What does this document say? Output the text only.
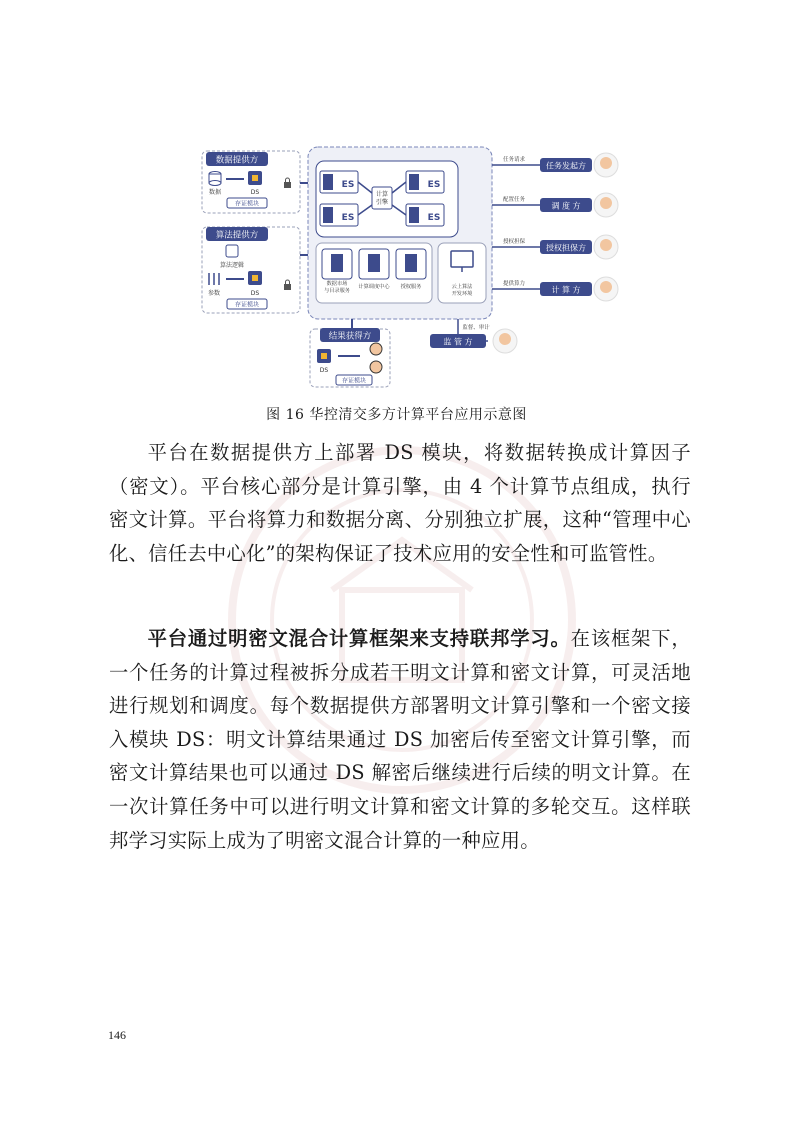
数据提供方
数据	DS
存证模块
算法提供方
算法逻辑
参数	DS
存证模块
ES	ES
ES	ES
计算
引擎
数据市场
与目录服务
计算调度中心 授权服务	云上算法
开发环境
结果获得方
DS
存证模块
任务请求
任务发起方
配置任务
调 度 方
授权担保
授权担保方
提供算力
计 算 方
监督、审计
监 管 方
图 16 华控清交多方计算平台应用示意图

平台在数据提供方上部署 DS 模块，将数据转换成计算因子（密文）。平台核心部分是计算引擎，由 4 个计算节点组成，执行密文计算。平台将算力和数据分离、分别独立扩展，这种“管理中心化、信任去中心化”的架构保证了技术应用的安全性和可监管性。

平台通过明密文混合计算框架来支持联邦学习。在该框架下，一个任务的计算过程被拆分成若干明文计算和密文计算，可灵活地进行规划和调度。每个数据提供方部署明文计算引擎和一个密文接入模块 DS：明文计算结果通过 DS 加密后传至密文计算引擎，而密文计算结果也可以通过 DS 解密后继续进行后续的明文计算。在一次计算任务中可以进行明文计算和密文计算的多轮交互。这样联邦学习实际上成为了明密文混合计算的一种应用。

146
